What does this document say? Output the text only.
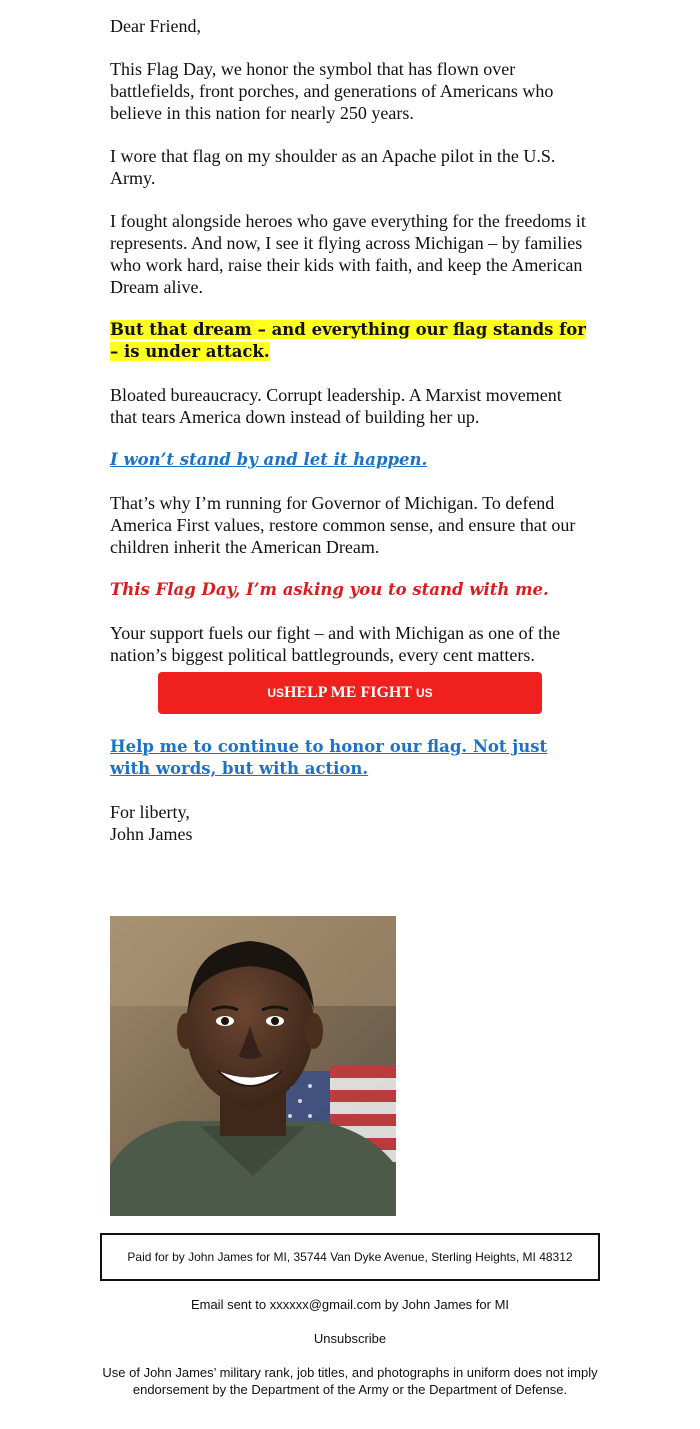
Dear Friend,

This Flag Day, we honor the symbol that has flown over battlefields, front porches, and generations of Americans who believe in this nation for nearly 250 years.

I wore that flag on my shoulder as an Apache pilot in the U.S. Army.

I fought alongside heroes who gave everything for the freedoms it represents. And now, I see it flying across Michigan – by families who work hard, raise their kids with faith, and keep the American Dream alive.

But that dream – and everything our flag stands for – is under attack.

Bloated bureaucracy. Corrupt leadership. A Marxist movement that tears America down instead of building her up.

I won’t stand by and let it happen.

That’s why I’m running for Governor of Michigan. To defend America First values, restore common sense, and ensure that our children inherit the American Dream.

This Flag Day, I’m asking you to stand with me.

Your support fuels our fight – and with Michigan as one of the nation’s biggest political battlegrounds, every cent matters.

USHELP ME FIGHT US
Help me to continue to honor our flag. Not just with words, but with action.

For liberty,

John James

Paid for by John James for MI, 35744 Van Dyke Avenue, Sterling Heights, MI 48312
Email sent to xxxxxx@gmail.com by John James for MI
Unsubscribe
Use of John James’ military rank, job titles, and photographs in uniform does not imply endorsement by the Department of the Army or the Department of Defense.
